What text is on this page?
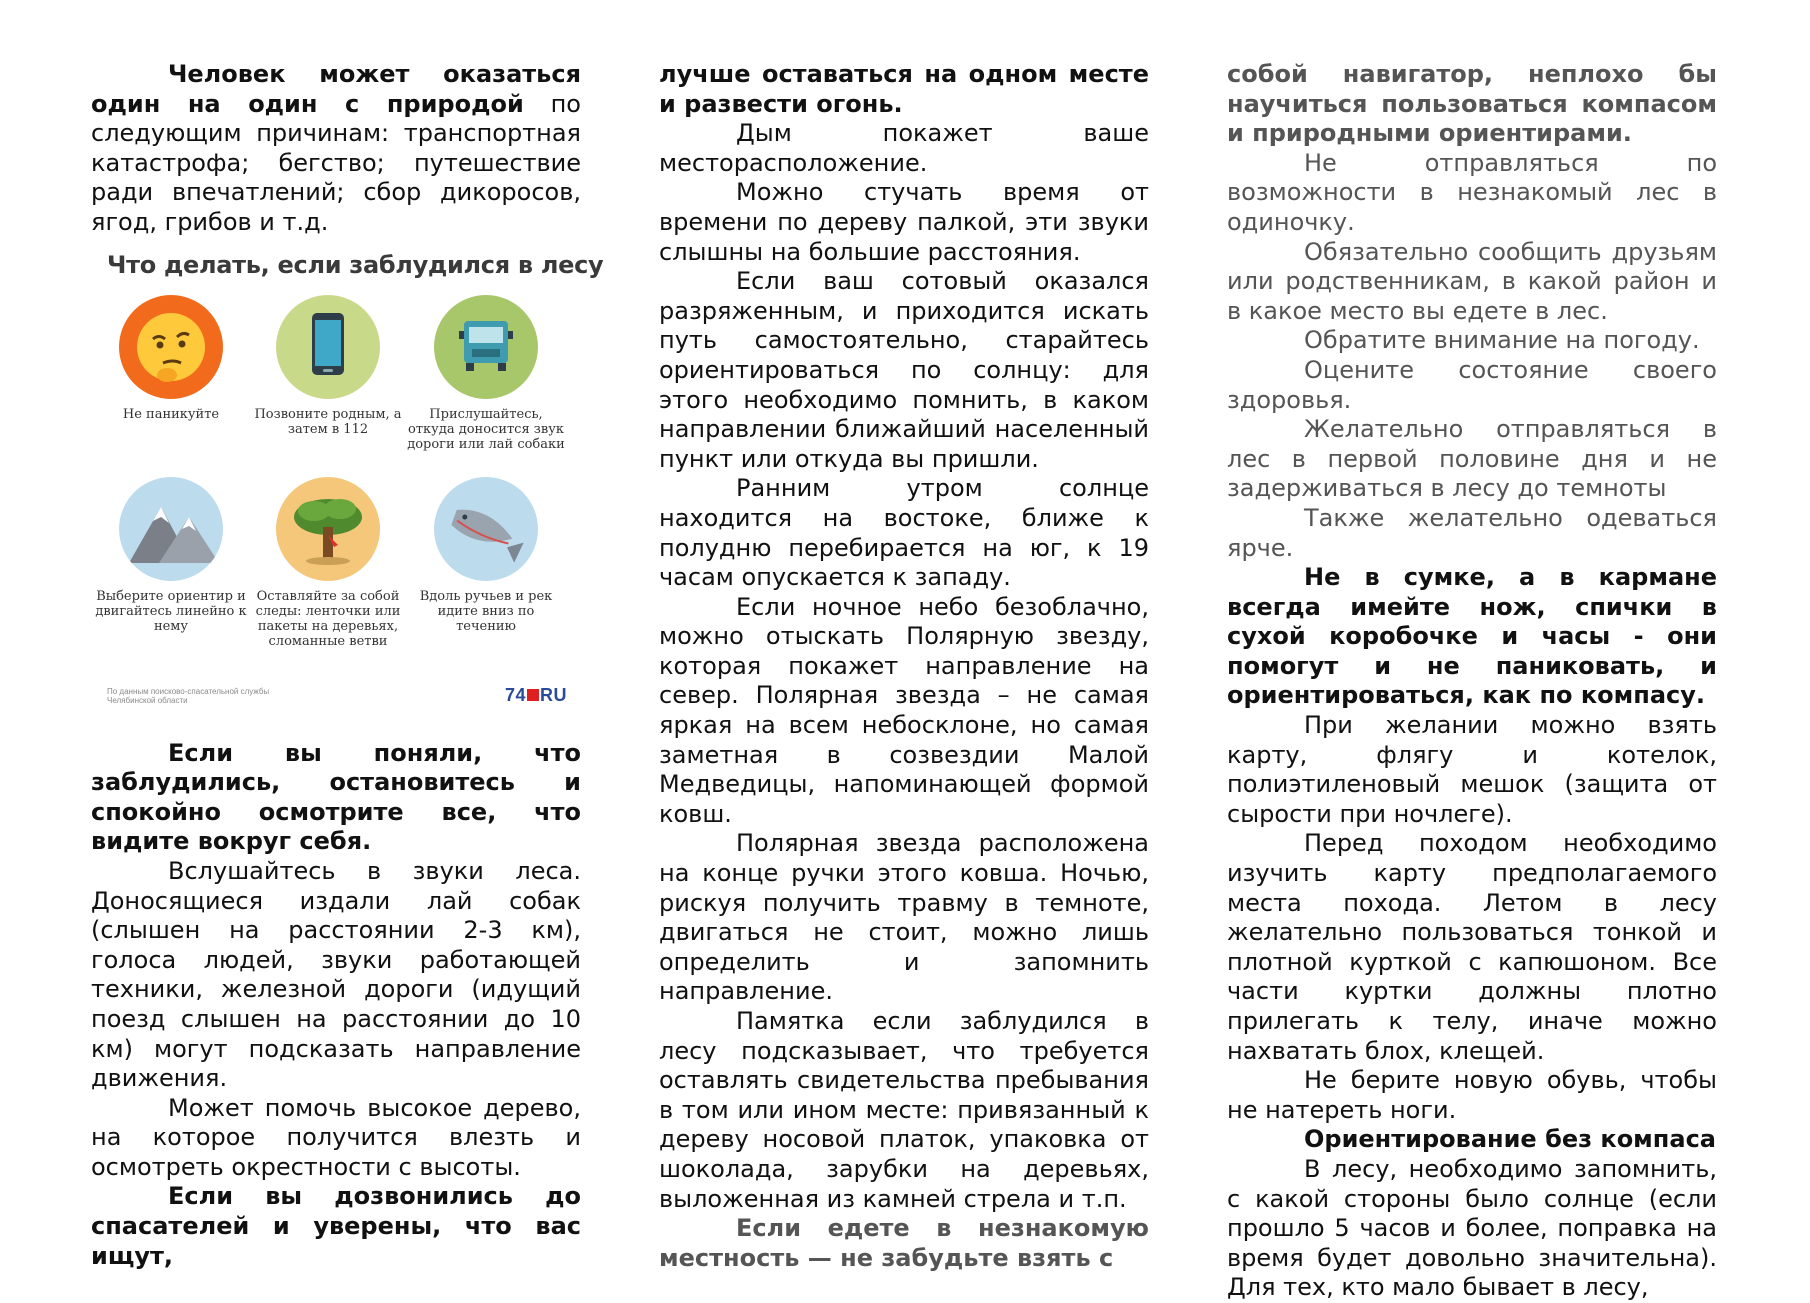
Человек может оказаться один на один с природой по следующим причинам: транспортная катастрофа; бегство; путешествие ради впечатлений; сбор дикоросов, ягод, грибов и т.д.

Что делать, если заблудился в лесу
Не паникуйте	Позвоните родным, а затем в 112
Прислушайтесь, откуда доносится звук дороги или лай собаки
Выберите ориентир и двигайтесь линейно к нему
Оставляйте за собой следы: ленточки или пакеты на деревьях, сломанные ветви
Вдоль ручьев и рек идите вниз по течению
По данным поисково-спасательной службы Челябинской области	74 RU

Если вы поняли, что заблудились, остановитесь и спокойно осмотрите все, что видите вокруг себя.

Вслушайтесь в звуки леса. Доносящиеся издали лай собак (слышен на расстоянии 2-3 км), голоса людей, звуки работающей техники, железной дороги (идущий поезд слышен на расстоянии до 10 км) могут подсказать направление движения.

Может помочь высокое дерево, на которое получится влезть и осмотреть окрестности с высоты.

Если вы дозвонились до спасателей и уверены, что вас ищут,

лучше оставаться на одном месте и развести огонь.

Дым покажет ваше месторасположение.

Можно стучать время от времени по дереву палкой, эти звуки слышны на большие расстояния.

Если ваш сотовый оказался разряженным, и приходится искать путь самостоятельно, старайтесь ориентироваться по солнцу: для этого необходимо помнить, в каком направлении ближайший населенный пункт или откуда вы пришли.

Ранним утром солнце находится на востоке, ближе к полудню перебирается на юг, к 19 часам опускается к западу.

Если ночное небо безоблачно, можно отыскать Полярную звезду, которая покажет направление на север. Полярная звезда – не самая яркая на всем небосклоне, но самая заметная в созвездии Малой Медведицы, напоминающей формой ковш.

Полярная звезда расположена на конце ручки этого ковша. Ночью, рискуя получить травму в темноте, двигаться не стоит, можно лишь определить и запомнить направление.

Памятка если заблудился в лесу подсказывает, что требуется оставлять свидетельства пребывания в том или ином месте: привязанный к дереву носовой платок, упаковка от шоколада, зарубки на деревьях, выложенная из камней стрела и т.п.

Если едете в незнакомую местность — не забудьте взять с

собой навигатор, неплохо бы научиться пользоваться компасом и природными ориентирами.

Не отправляться по возможности в незнакомый лес в одиночку.

Обязательно сообщить друзьям или родственникам, в какой район и в какое место вы едете в лес.

Обратите внимание на погоду.

Оцените состояние своего здоровья.

Желательно отправляться в лес в первой половине дня и не задерживаться в лесу до темноты

Также желательно одеваться ярче.

Не в сумке, а в кармане всегда имейте нож, спички в сухой коробочке и часы - они помогут и не паниковать, и ориентироваться, как по компасу.

При желании можно взять карту, флягу и котелок, полиэтиленовый мешок (защита от сырости при ночлеге).

Перед походом необходимо изучить карту предполагаемого места похода. Летом в лесу желательно пользоваться тонкой и плотной курткой с капюшоном. Все части куртки должны плотно прилегать к телу, иначе можно нахватать блох, клещей.

Не берите новую обувь, чтобы не натереть ноги.

Ориентирование без компаса

В лесу, необходимо запомнить, с какой стороны было солнце (если прошло 5 часов и более, поправка на время будет довольно значительна). Для тех, кто мало бывает в лесу,
